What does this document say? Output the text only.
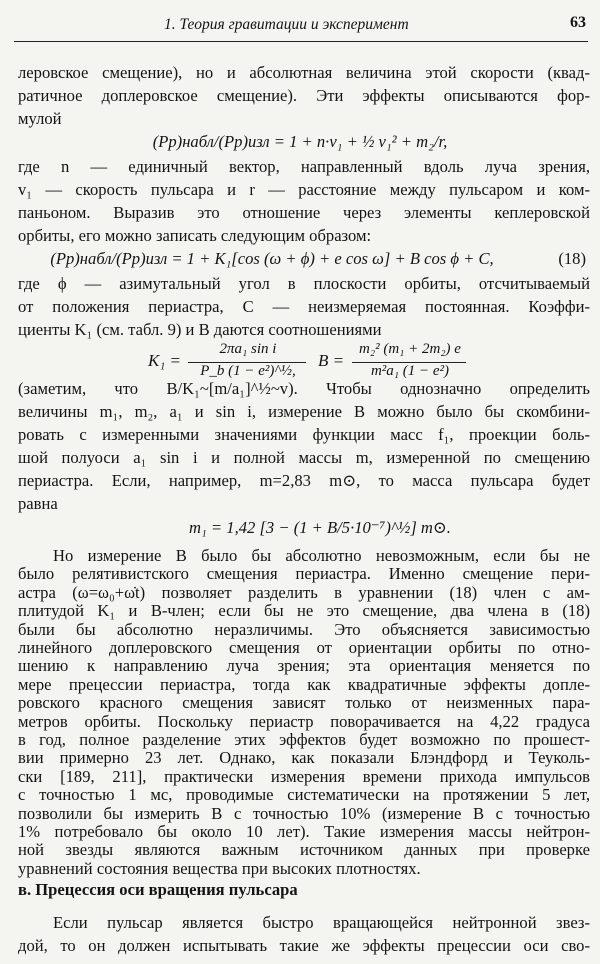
1. Теория гравитации и эксперимент	63
леровское смещение), но и абсолютная величина этой скорости (квад-
ратичное доплеровское смещение). Эти эффекты описываются фор-
мулой
(Pp)набл/(Pp)изл = 1 + n·v₁ + ½ v₁² + m₂/r,
где n — единичный вектор, направленный вдоль луча зрения,
v₁ — скорость пульсара и r — расстояние между пульсаром и ком-
паньоном. Выразив это отношение через элементы кеплеровской
орбиты, его можно записать следующим образом:
(Pp)набл/(Pp)изл = 1 + K₁[cos (ω + ϕ) + e cos ω] + B cos ϕ + C,	(18)
где ϕ — азимутальный угол в плоскости орбиты, отсчитываемый
от положения периастра, C — неизмеряемая постоянная. Коэффи-
циенты K₁ (см. табл. 9) и B даются соотношениями
K₁ =
2πa₁ sin i
P_b (1 − e²)^½,
B =
m₂² (m₁ + 2m₂) e
m²a₁ (1 − e²)
(заметим, что B/K₁~[m/a₁]^½~v). Чтобы однозначно определить
величины m₁, m₂, a₁ и sin i, измерение B можно было бы скомбини-
ровать с измеренными значениями функции масс f₁, проекции боль-
шой полуоси a₁ sin i и полной массы m, измеренной по смещению
периастра. Если, например, m=2,83 m⊙, то масса пульсара будет
равна
m₁ = 1,42 [3 − (1 + B/5·10⁻⁷)^½] m⊙.
Но измерение B было бы абсолютно невозможным, если бы не
было релятивистского смещения периастра. Именно смещение пери-
астра (ω=ω₀+ω̇t) позволяет разделить в уравнении (18) член с ам-
плитудой K₁ и B-член; если бы не это смещение, два члена в (18)
были бы абсолютно неразличимы. Это объясняется зависимостью
линейного доплеровского смещения от ориентации орбиты по отно-
шению к направлению луча зрения; эта ориентация меняется по
мере прецессии периастра, тогда как квадратичные эффекты допле-
ровского красного смещения зависят только от неизменных пара-
метров орбиты. Поскольку периастр поворачивается на 4,22 градуса
в год, полное разделение этих эффектов будет возможно по прошест-
вии примерно 23 лет. Однако, как показали Блэндфорд и Теуколь-
ски [189, 211], практически измерения времени прихода импульсов
с точностью 1 мс, проводимые систематически на протяжении 5 лет,
позволили бы измерить B с точностью 10% (измерение B с точностью
1% потребовало бы около 10 лет). Такие измерения массы нейтрон-
ной звезды являются важным источником данных при проверке
уравнений состояния вещества при высоких плотностях.
в. Прецессия оси вращения пульсара
Если пульсар является быстро вращающейся нейтронной звез-
дой, то он должен испытывать такие же эффекты прецессии оси сво-
